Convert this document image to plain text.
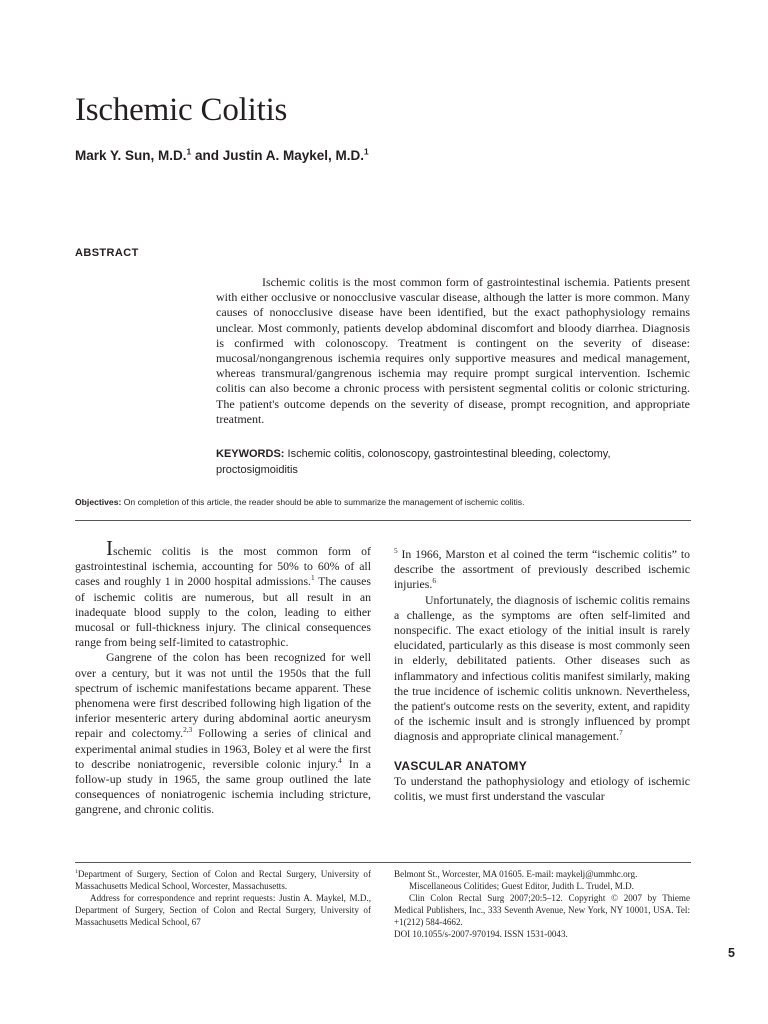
Ischemic Colitis

Mark Y. Sun, M.D.$^1$ and Justin A. Maykel, M.D.$^1$

ABSTRACT

Ischemic colitis is the most common form of gastrointestinal ischemia. Patients present with either occlusive or nonocclusive vascular disease, although the latter is more common. Many causes of nonocclusive disease have been identified, but the exact pathophysiology remains unclear. Most commonly, patients develop abdominal discomfort and bloody diarrhea. Diagnosis is confirmed with colonoscopy. Treatment is contingent on the severity of disease: mucosal/nongangrenous ischemia requires only supportive measures and medical management, whereas transmural/gangrenous ischemia may require prompt surgical intervention. Ischemic colitis can also become a chronic process with persistent segmental colitis or colonic stricturing. The patient's outcome depends on the severity of disease, prompt recognition, and appropriate treatment.

KEYWORDS: Ischemic colitis, colonoscopy, gastrointestinal bleeding, colectomy, proctosigmoiditis

Objectives: On completion of this article, the reader should be able to summarize the management of ischemic colitis.

Ischemic colitis is the most common form of gastrointestinal ischemia, accounting for 50% to 60% of all cases and roughly 1 in 2000 hospital admissions.$^1$ The causes of ischemic colitis are numerous, but all result in an inadequate blood supply to the colon, leading to either mucosal or full-thickness injury. The clinical consequences range from being self-limited to catastrophic.

Gangrene of the colon has been recognized for well over a century, but it was not until the 1950s that the full spectrum of ischemic manifestations became apparent. These phenomena were first described following high ligation of the inferior mesenteric artery during abdominal aortic aneurysm repair and colectomy.$^{2,3}$ Following a series of clinical and experimental animal studies in 1963, Boley et al were the first to describe noniatrogenic, reversible colonic injury.$^4$ In a follow-up study in 1965, the same group outlined the late consequences of noniatrogenic ischemia including stricture, gangrene, and chronic colitis.

$^5$ In 1966, Marston et al coined the term “ischemic colitis” to describe the assortment of previously described ischemic injuries.$^6$

Unfortunately, the diagnosis of ischemic colitis remains a challenge, as the symptoms are often self-limited and nonspecific. The exact etiology of the initial insult is rarely elucidated, particularly as this disease is most commonly seen in elderly, debilitated patients. Other diseases such as inflammatory and infectious colitis manifest similarly, making the true incidence of ischemic colitis unknown. Nevertheless, the patient's outcome rests on the severity, extent, and rapidity of the ischemic insult and is strongly influenced by prompt diagnosis and appropriate clinical management.$^7$

VASCULAR ANATOMY

To understand the pathophysiology and etiology of ischemic colitis, we must first understand the vascular

$^1$Department of Surgery, Section of Colon and Rectal Surgery, University of Massachusetts Medical School, Worcester, Massachusetts.

Address for correspondence and reprint requests: Justin A. Maykel, M.D., Department of Surgery, Section of Colon and Rectal Surgery, University of Massachusetts Medical School, 67

Belmont St., Worcester, MA 01605. E-mail: maykelj@ummhc.org.

Miscellaneous Colitides; Guest Editor, Judith L. Trudel, M.D.

Clin Colon Rectal Surg 2007;20:5–12. Copyright © 2007 by Thieme Medical Publishers, Inc., 333 Seventh Avenue, New York, NY 10001, USA. Tel: +1(212) 584-4662.

DOI 10.1055/s-2007-970194. ISSN 1531-0043.

5
